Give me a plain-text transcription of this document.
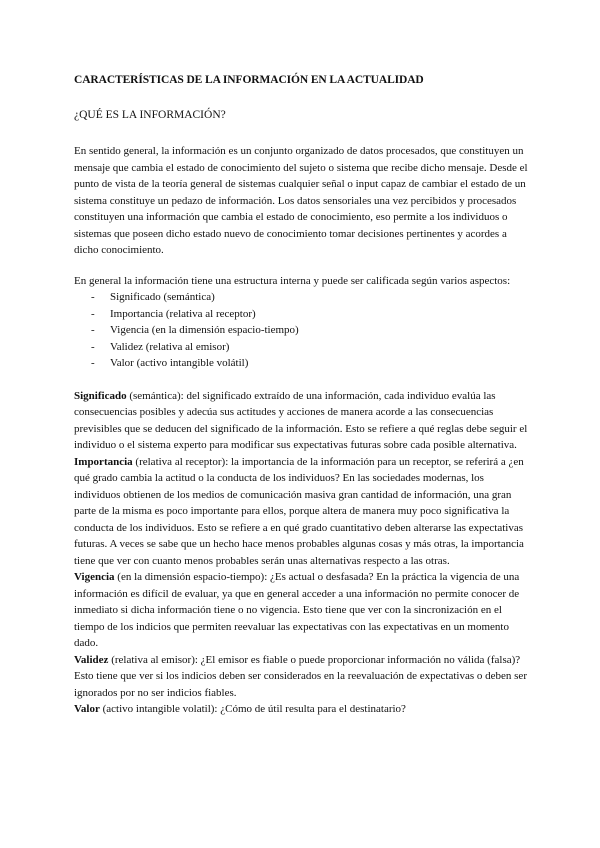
CARACTERÍSTICAS DE LA INFORMACIÓN EN LA ACTUALIDAD
¿QUÉ ES LA INFORMACIÓN?

En sentido general, la información es un conjunto organizado de datos procesados, que constituyen un mensaje que cambia el estado de conocimiento del sujeto o sistema que recibe dicho mensaje. Desde el punto de vista de la teoría general de sistemas cualquier señal o input capaz de cambiar el estado de un sistema constituye un pedazo de información. Los datos sensoriales una vez percibidos y procesados constituyen una información que cambia el estado de conocimiento, eso permite a los individuos o sistemas que poseen dicho estado nuevo de conocimiento tomar decisiones pertinentes y acordes a dicho conocimiento.

En general la información tiene una estructura interna y puede ser calificada según varios aspectos:

- Significado (semántica)
- Importancia (relativa al receptor)
- Vigencia (en la dimensión espacio-tiempo)
- Validez (relativa al emisor)
- Valor (activo intangible volátil)

Significado (semántica): del significado extraído de una información, cada individuo evalúa las consecuencias posibles y adecúa sus actitudes y acciones de manera acorde a las consecuencias previsibles que se deducen del significado de la información. Esto se refiere a qué reglas debe seguir el individuo o el sistema experto para modificar sus expectativas futuras sobre cada posible alternativa.

Importancia (relativa al receptor): la importancia de la información para un receptor, se referirá a ¿en qué grado cambia la actitud o la conducta de los individuos? En las sociedades modernas, los individuos obtienen de los medios de comunicación masiva gran cantidad de información, una gran parte de la misma es poco importante para ellos, porque altera de manera muy poco significativa la conducta de los individuos. Esto se refiere a en qué grado cuantitativo deben alterarse las expectativas futuras. A veces se sabe que un hecho hace menos probables algunas cosas y más otras, la importancia tiene que ver con cuanto menos probables serán unas alternativas respecto a las otras.

Vigencia (en la dimensión espacio-tiempo): ¿Es actual o desfasada? En la práctica la vigencia de una información es difícil de evaluar, ya que en general acceder a una información no permite conocer de inmediato si dicha información tiene o no vigencia. Esto tiene que ver con la sincronización en el tiempo de los indicios que permiten reevaluar las expectativas con las expectativas en un momento dado.

Validez (relativa al emisor): ¿El emisor es fiable o puede proporcionar información no válida (falsa)? Esto tiene que ver si los indicios deben ser considerados en la reevaluación de expectativas o deben ser ignorados por no ser indicios fiables.

Valor (activo intangible volatil): ¿Cómo de útil resulta para el destinatario?
